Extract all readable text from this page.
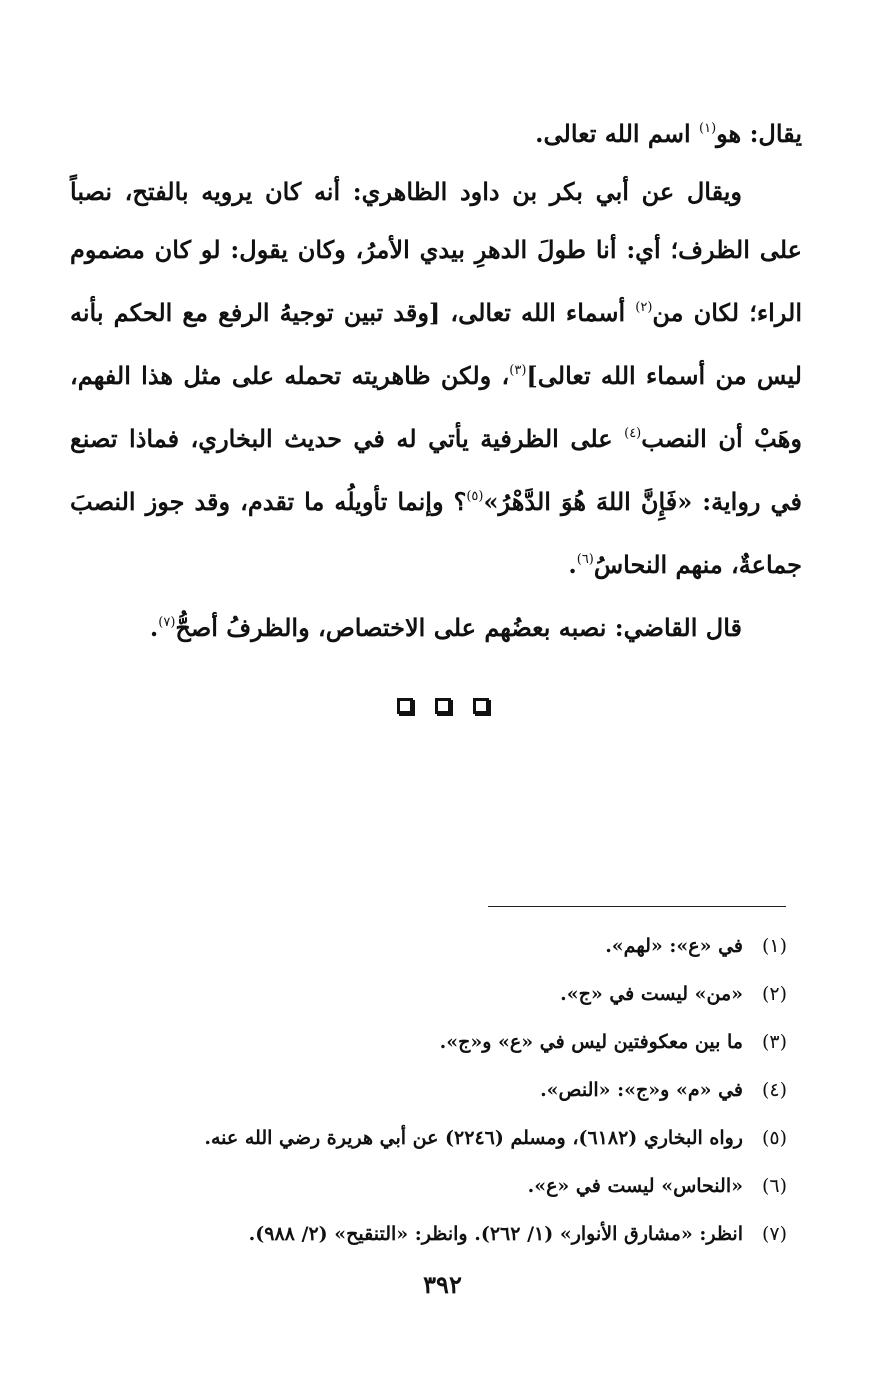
يقال: هو$^{(١)}$ اسم الله تعالى.

ويقال عن أبي بكر بن داود الظاهري: أنه كان يرويه بالفتح، نصباً على الظرف؛ أي: أنا طولَ الدهرِ بيدي الأمرُ، وكان يقول: لو كان مضموم الراء؛ لكان من$^{(٢)}$ أسماء الله تعالى، [وقد تبين توجيهُ الرفع مع الحكم بأنه ليس من أسماء الله تعالى]$^{(٣)}$، ولكن ظاهريته تحمله على مثل هذا الفهم، وهَبْ أن النصب$^{(٤)}$ على الظرفية يأتي له في حديث البخاري، فماذا تصنع في رواية: «فَإِنَّ اللهَ هُوَ الدَّهْرُ»$^{(٥)}$؟ وإنما تأويلُه ما تقدم، وقد جوز النصبَ جماعةٌ، منهم النحاسُ$^{(٦)}$.

قال القاضي: نصبه بعضُهم على الاختصاص، والظرفُ أصحُّ$^{(٧)}$.

(١)
في «ع»: «لهم».
(٢)
«من» ليست في «ج».
(٣)
ما بين معكوفتين ليس في «ع» و«ج».
(٤)
في «م» و«ج»: «النص».
(٥)
رواه البخاري (٦١٨٢)، ومسلم (٢٢٤٦) عن أبي هريرة رضي الله عنه.
(٦)
«النحاس» ليست في «ع».
(٧)
انظر: «مشارق الأنوار» (١/ ٢٦٢). وانظر: «التنقيح» (٢/ ٩٨٨).
٣٩٢
